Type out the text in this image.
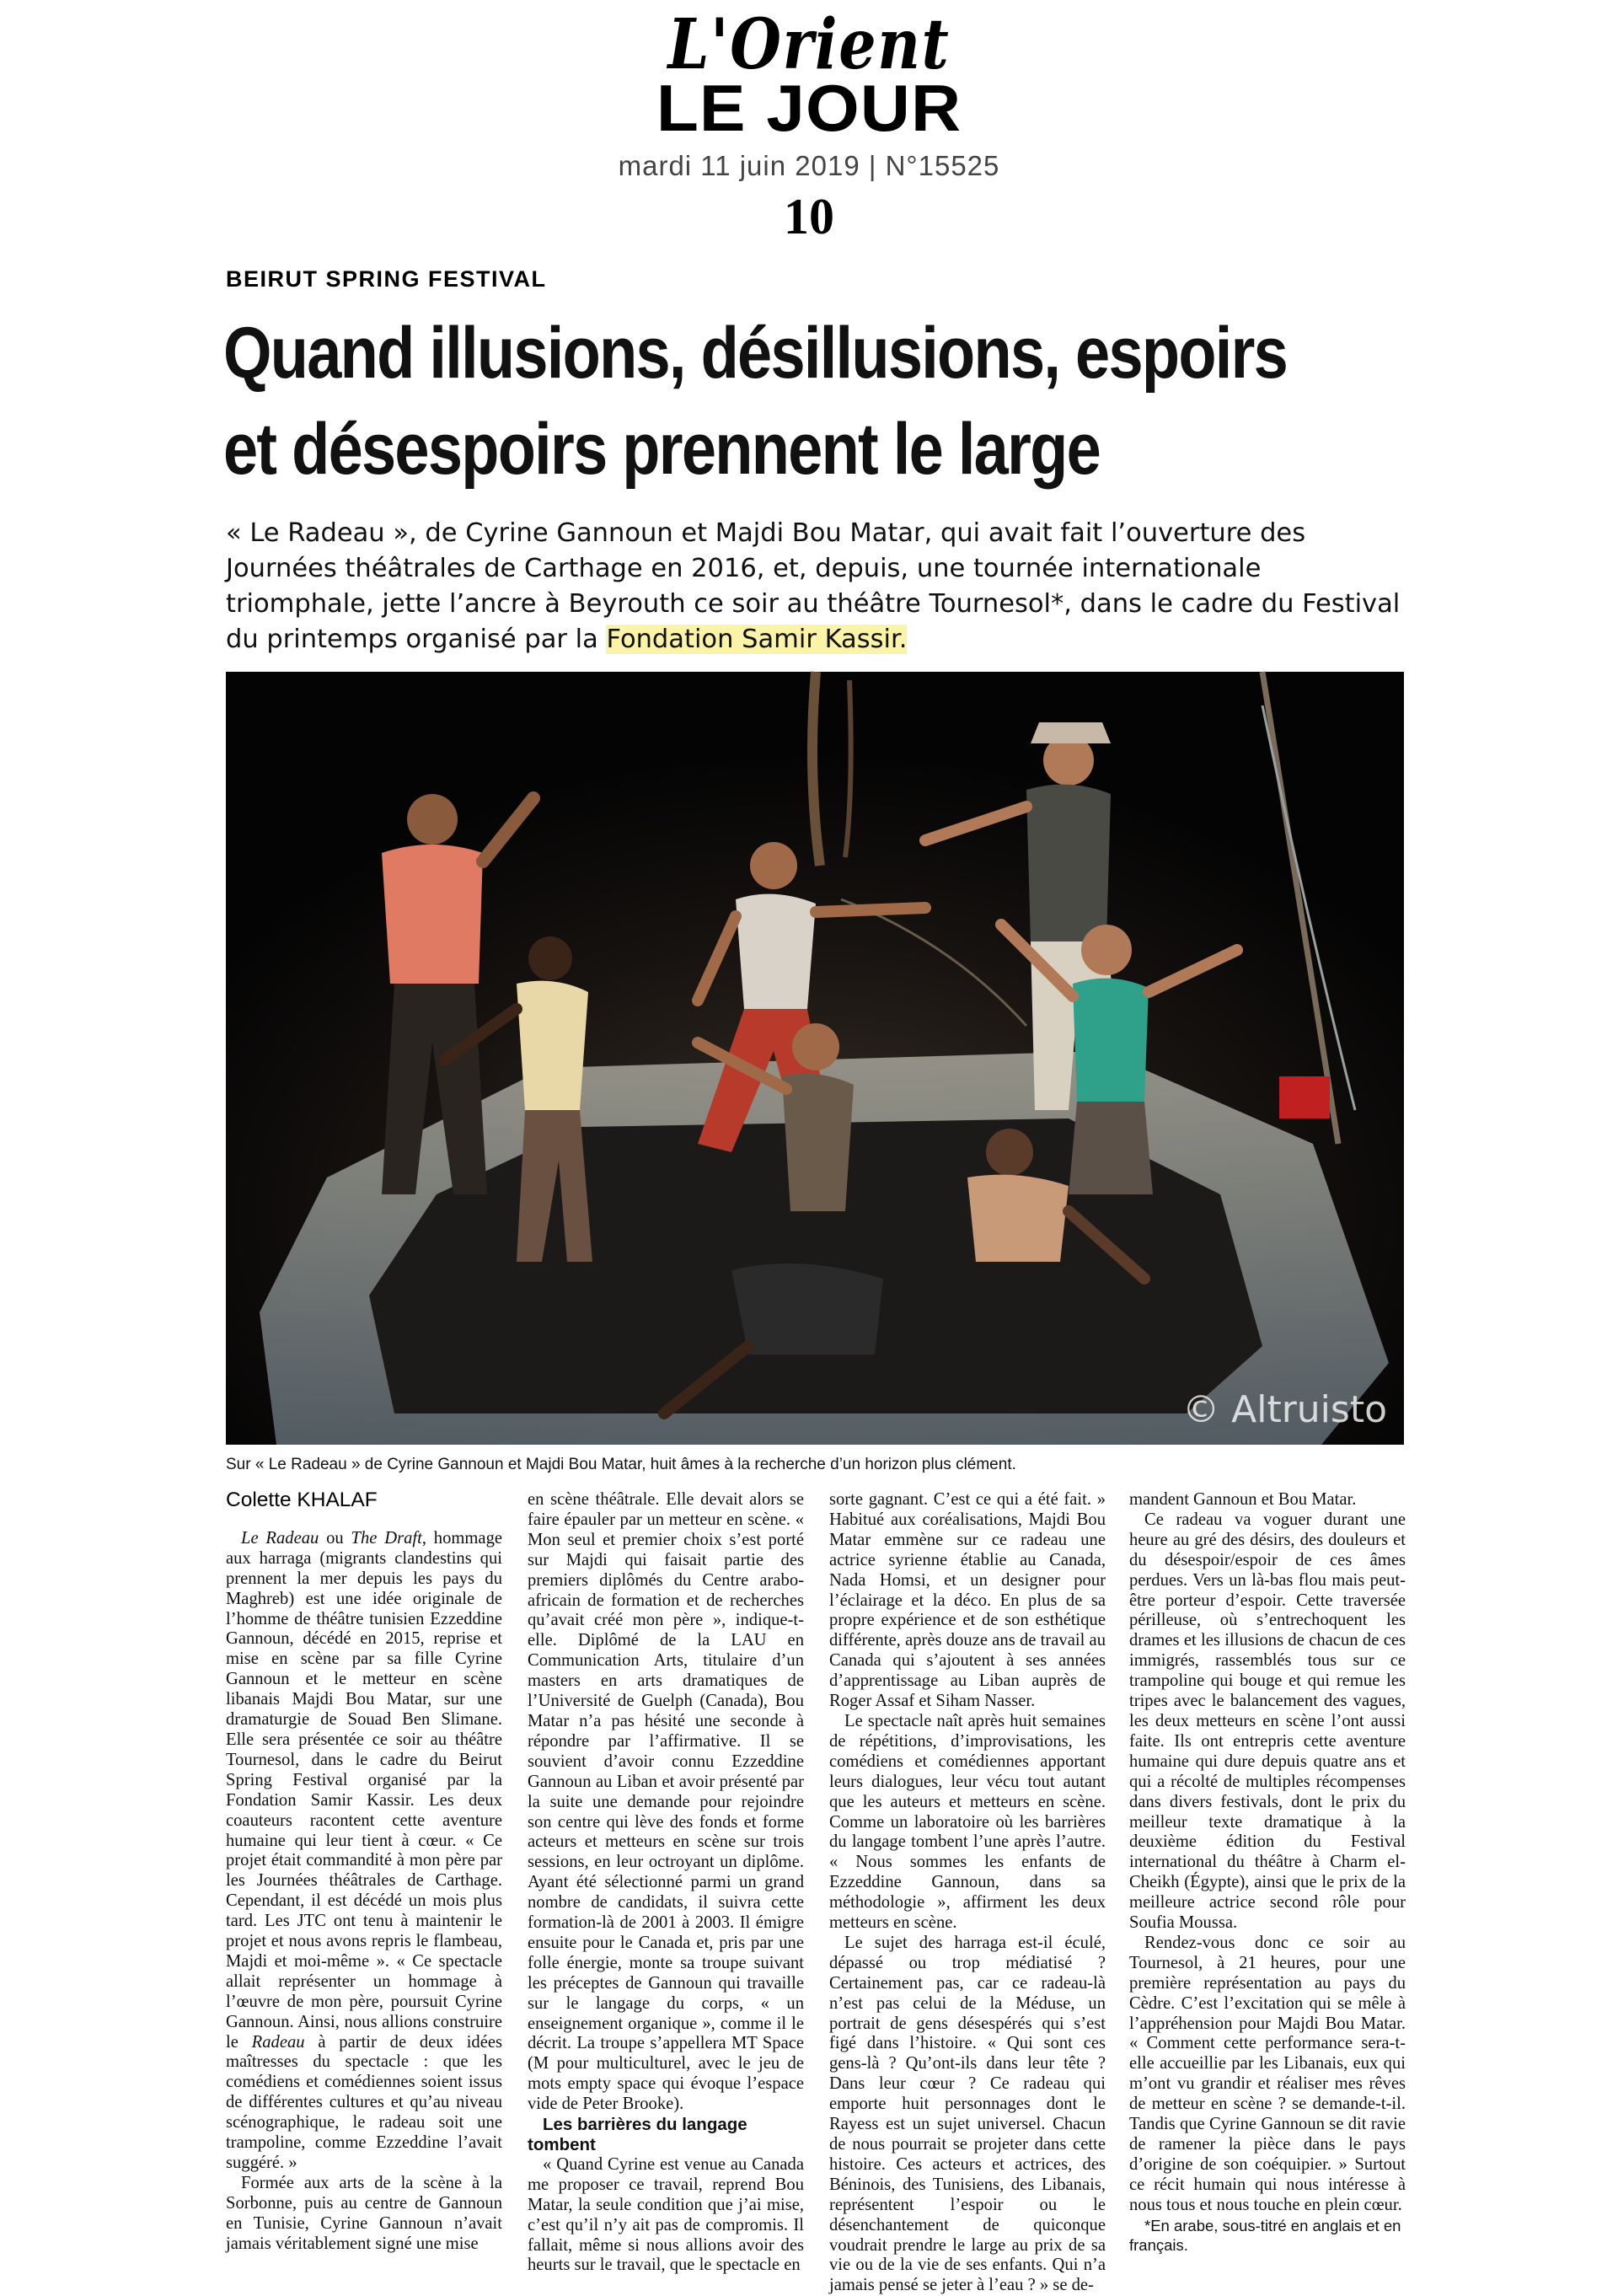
L'Orient
LE JOUR
mardi 11 juin 2019 | N°15525
10
BEIRUT SPRING FESTIVAL
Quand illusions, désillusions, espoirs
et désespoirs prennent le large
« Le Radeau », de Cyrine Gannoun et Majdi Bou Matar, qui avait fait l’ouverture des Journées théâtrales de Carthage en 2016, et, depuis, une tournée internationale triomphale, jette l’ancre à Beyrouth ce soir au théâtre Tournesol*, dans le cadre du Festival du printemps organisé par la Fondation Samir Kassir.
© Altruisto
Sur « Le Radeau » de Cyrine Gannoun et Majdi Bou Matar, huit âmes à la recherche d’un horizon plus clément.
Colette KHALAF

Le Radeau ou The Draft, hommage aux harraga (migrants clandestins qui prennent la mer depuis les pays du Maghreb) est une idée originale de l’homme de théâtre tunisien Ezzeddine Gannoun, décédé en 2015, reprise et mise en scène par sa fille Cyrine Gannoun et le metteur en scène libanais Majdi Bou Matar, sur une dramaturgie de Souad Ben Slimane. Elle sera présentée ce soir au théâtre Tournesol, dans le cadre du Beirut Spring Festival organisé par la Fondation Samir Kassir. Les deux coauteurs racontent cette aventure humaine qui leur tient à cœur. « Ce projet était commandité à mon père par les Journées théâtrales de Carthage. Cependant, il est décédé un mois plus tard. Les JTC ont tenu à maintenir le projet et nous avons repris le flambeau, Majdi et moi-même ». « Ce spectacle allait représenter un hommage à l’œuvre de mon père, poursuit Cyrine Gannoun. Ainsi, nous allions construire le Radeau à partir de deux idées maîtresses du spectacle : que les comédiens et comédiennes soient issus de différentes cultures et qu’au niveau scénographique, le radeau soit une trampoline, comme Ezzeddine l’avait suggéré. »

Formée aux arts de la scène à la Sorbonne, puis au centre de Gannoun en Tunisie, Cyrine Gannoun n’avait jamais véritablement signé une mise

en scène théâtrale. Elle devait alors se faire épauler par un metteur en scène. « Mon seul et premier choix s’est porté sur Majdi qui faisait partie des premiers diplômés du Centre arabo-africain de formation et de recherches qu’avait créé mon père », indique-t-elle. Diplômé de la LAU en Communication Arts, titulaire d’un masters en arts dramatiques de l’Université de Guelph (Canada), Bou Matar n’a pas hésité une seconde à répondre par l’affirmative. Il se souvient d’avoir connu Ezzeddine Gannoun au Liban et avoir présenté par la suite une demande pour rejoindre son centre qui lève des fonds et forme acteurs et metteurs en scène sur trois sessions, en leur octroyant un diplôme. Ayant été sélectionné parmi un grand nombre de candidats, il suivra cette formation-là de 2001 à 2003. Il émigre ensuite pour le Canada et, pris par une folle énergie, monte sa troupe suivant les préceptes de Gannoun qui travaille sur le langage du corps, « un enseignement organique », comme il le décrit. La troupe s’appellera MT Space (M pour multiculturel, avec le jeu de mots empty space qui évoque l’espace vide de Peter Brooke).

Les barrières du langage tombent

« Quand Cyrine est venue au Canada me proposer ce travail, reprend Bou Matar, la seule condition que j’ai mise, c’est qu’il n’y ait pas de compromis. Il fallait, même si nous allions avoir des heurts sur le travail, que le spectacle en

sorte gagnant. C’est ce qui a été fait. » Habitué aux coréalisations, Majdi Bou Matar emmène sur ce radeau une actrice syrienne établie au Canada, Nada Homsi, et un designer pour l’éclairage et la déco. En plus de sa propre expérience et de son esthétique différente, après douze ans de travail au Canada qui s’ajoutent à ses années d’apprentissage au Liban auprès de Roger Assaf et Siham Nasser.

Le spectacle naît après huit semaines de répétitions, d’improvisations, les comédiens et comédiennes apportant leurs dialogues, leur vécu tout autant que les auteurs et metteurs en scène. Comme un laboratoire où les barrières du langage tombent l’une après l’autre. « Nous sommes les enfants de Ezzeddine Gannoun, dans sa méthodologie », affirment les deux metteurs en scène.

Le sujet des harraga est-il éculé, dépassé ou trop médiatisé ? Certainement pas, car ce radeau-là n’est pas celui de la Méduse, un portrait de gens désespérés qui s’est figé dans l’histoire. « Qui sont ces gens-là ? Qu’ont-ils dans leur tête ? Dans leur cœur ? Ce radeau qui emporte huit personnages dont le Rayess est un sujet universel. Chacun de nous pourrait se projeter dans cette histoire. Ces acteurs et actrices, des Béninois, des Tunisiens, des Libanais, représentent l’espoir ou le désenchantement de quiconque voudrait prendre le large au prix de sa vie ou de la vie de ses enfants. Qui n’a jamais pensé se jeter à l’eau ? » se de-

mandent Gannoun et Bou Matar.

Ce radeau va voguer durant une heure au gré des désirs, des douleurs et du désespoir/espoir de ces âmes perdues. Vers un là-bas flou mais peut-être porteur d’espoir. Cette traversée périlleuse, où s’entrechoquent les drames et les illusions de chacun de ces immigrés, rassemblés tous sur ce trampoline qui bouge et qui remue les tripes avec le balancement des vagues, les deux metteurs en scène l’ont aussi faite. Ils ont entrepris cette aventure humaine qui dure depuis quatre ans et qui a récolté de multiples récompenses dans divers festivals, dont le prix du meilleur texte dramatique à la deuxième édition du Festival international du théâtre à Charm el-Cheikh (Égypte), ainsi que le prix de la meilleure actrice second rôle pour Soufia Moussa.

Rendez-vous donc ce soir au Tournesol, à 21 heures, pour une première représentation au pays du Cèdre. C’est l’excitation qui se mêle à l’appréhension pour Majdi Bou Matar. « Comment cette performance sera-t-elle accueillie par les Libanais, eux qui m’ont vu grandir et réaliser mes rêves de metteur en scène ? se demande-t-il. Tandis que Cyrine Gannoun se dit ravie de ramener la pièce dans le pays d’origine de son coéquipier. » Surtout ce récit humain qui nous intéresse à nous tous et nous touche en plein cœur.

*En arabe, sous-titré en anglais et en français.
